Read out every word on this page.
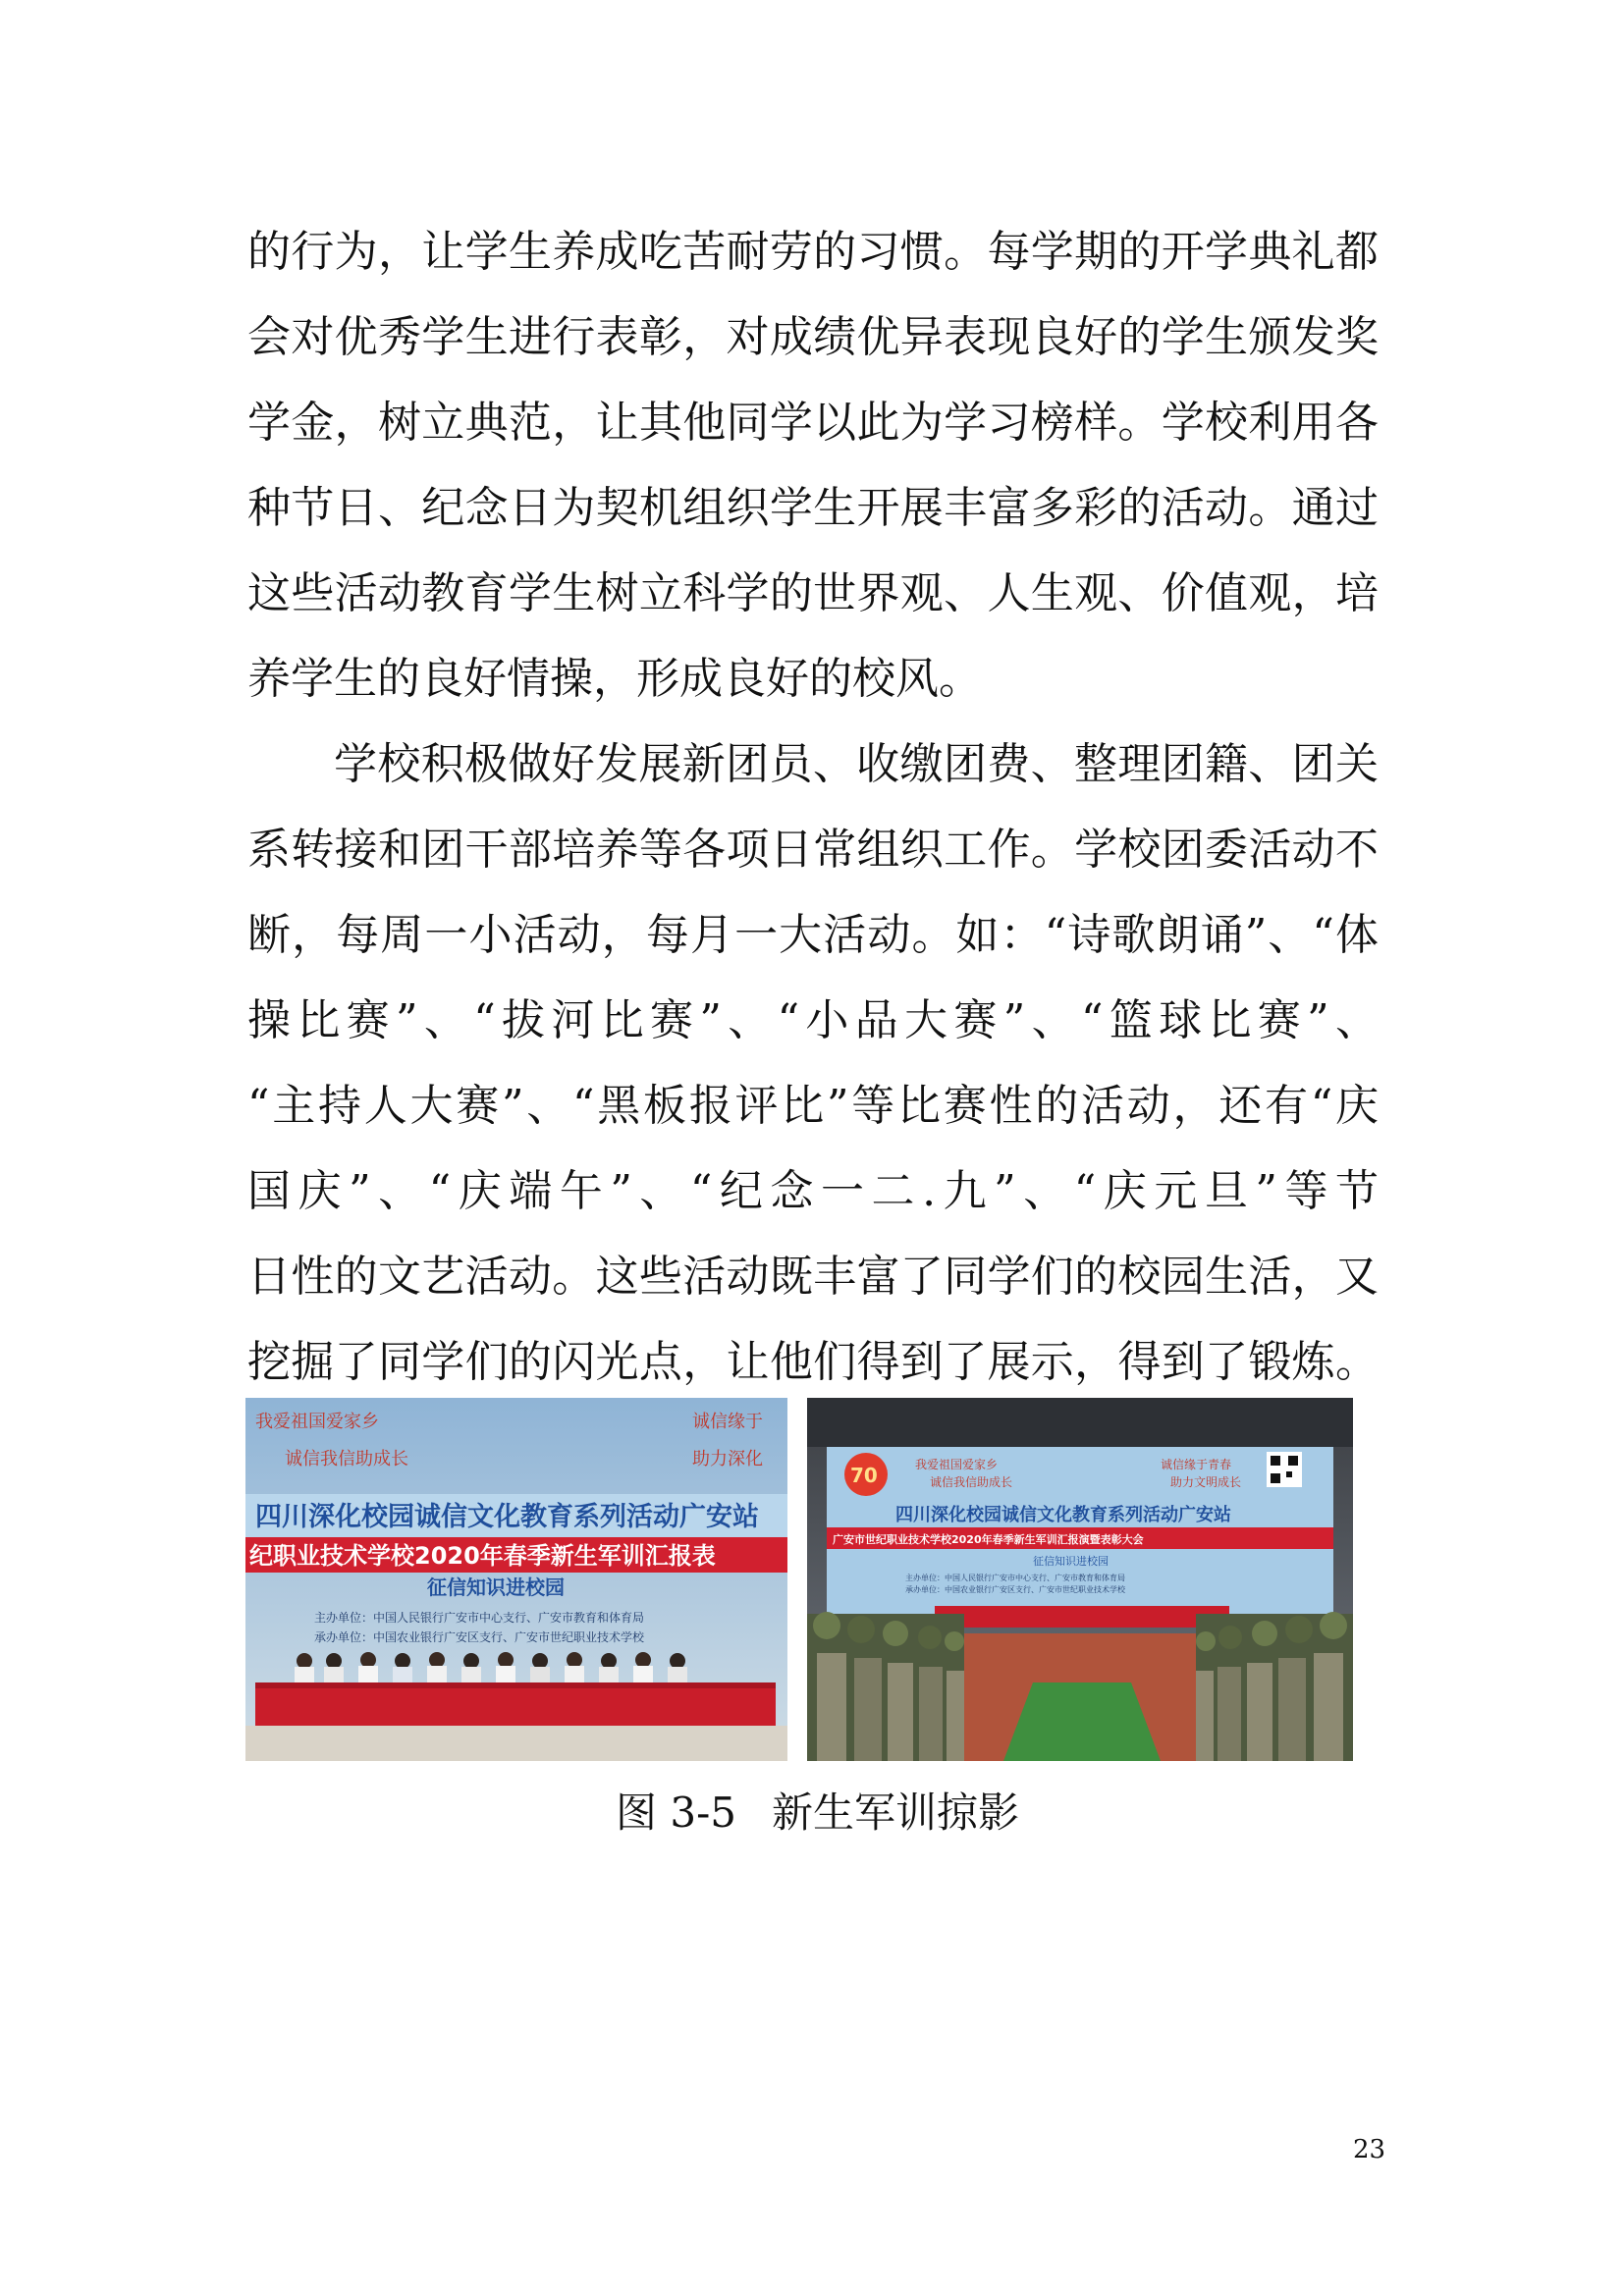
的行为，让学生养成吃苦耐劳的习惯。每学期的开学典礼都
会对优秀学生进行表彰，对成绩优异表现良好的学生颁发奖
学金，树立典范，让其他同学以此为学习榜样。学校利用各
种节日、纪念日为契机组织学生开展丰富多彩的活动。通过
这些活动教育学生树立科学的世界观、人生观、价值观，培
养学生的良好情操，形成良好的校风。
学校积极做好发展新团员、收缴团费、整理团籍、团关
系转接和团干部培养等各项日常组织工作。学校团委活动不
断，每周一小活动，每月一大活动。如：“诗歌朗诵”、“体
操比赛”、“拔河比赛”、“小品大赛”、“篮球比赛”、
“主持人大赛”、“黑板报评比”等比赛性的活动，还有“庆
国庆”、“庆端午”、“纪念一二.九”、“庆元旦”等节
日性的文艺活动。这些活动既丰富了同学们的校园生活，又
挖掘了同学们的闪光点，让他们得到了展示，得到了锻炼。
我爱祖国爱家乡
诚信我信助成长
诚信缘于
助力深化
四川深化校园诚信文化教育系列活动广安站
纪职业技术学校2020年春季新生军训汇报表
征信知识进校园
主办单位：中国人民银行广安市中心支行、广安市教育和体育局
承办单位：中国农业银行广安区支行、广安市世纪职业技术学校
70	我爱祖国爱家乡
诚信我信助成长
诚信缘于青春
助力文明成长
四川深化校园诚信文化教育系列活动广安站
广安市世纪职业技术学校2020年春季新生军训汇报演暨表彰大会
征信知识进校园
主办单位：中国人民银行广安市中心支行、广安市教育和体育局
承办单位：中国农业银行广安区支行、广安市世纪职业技术学校
图 3-5 新生军训掠影
23
